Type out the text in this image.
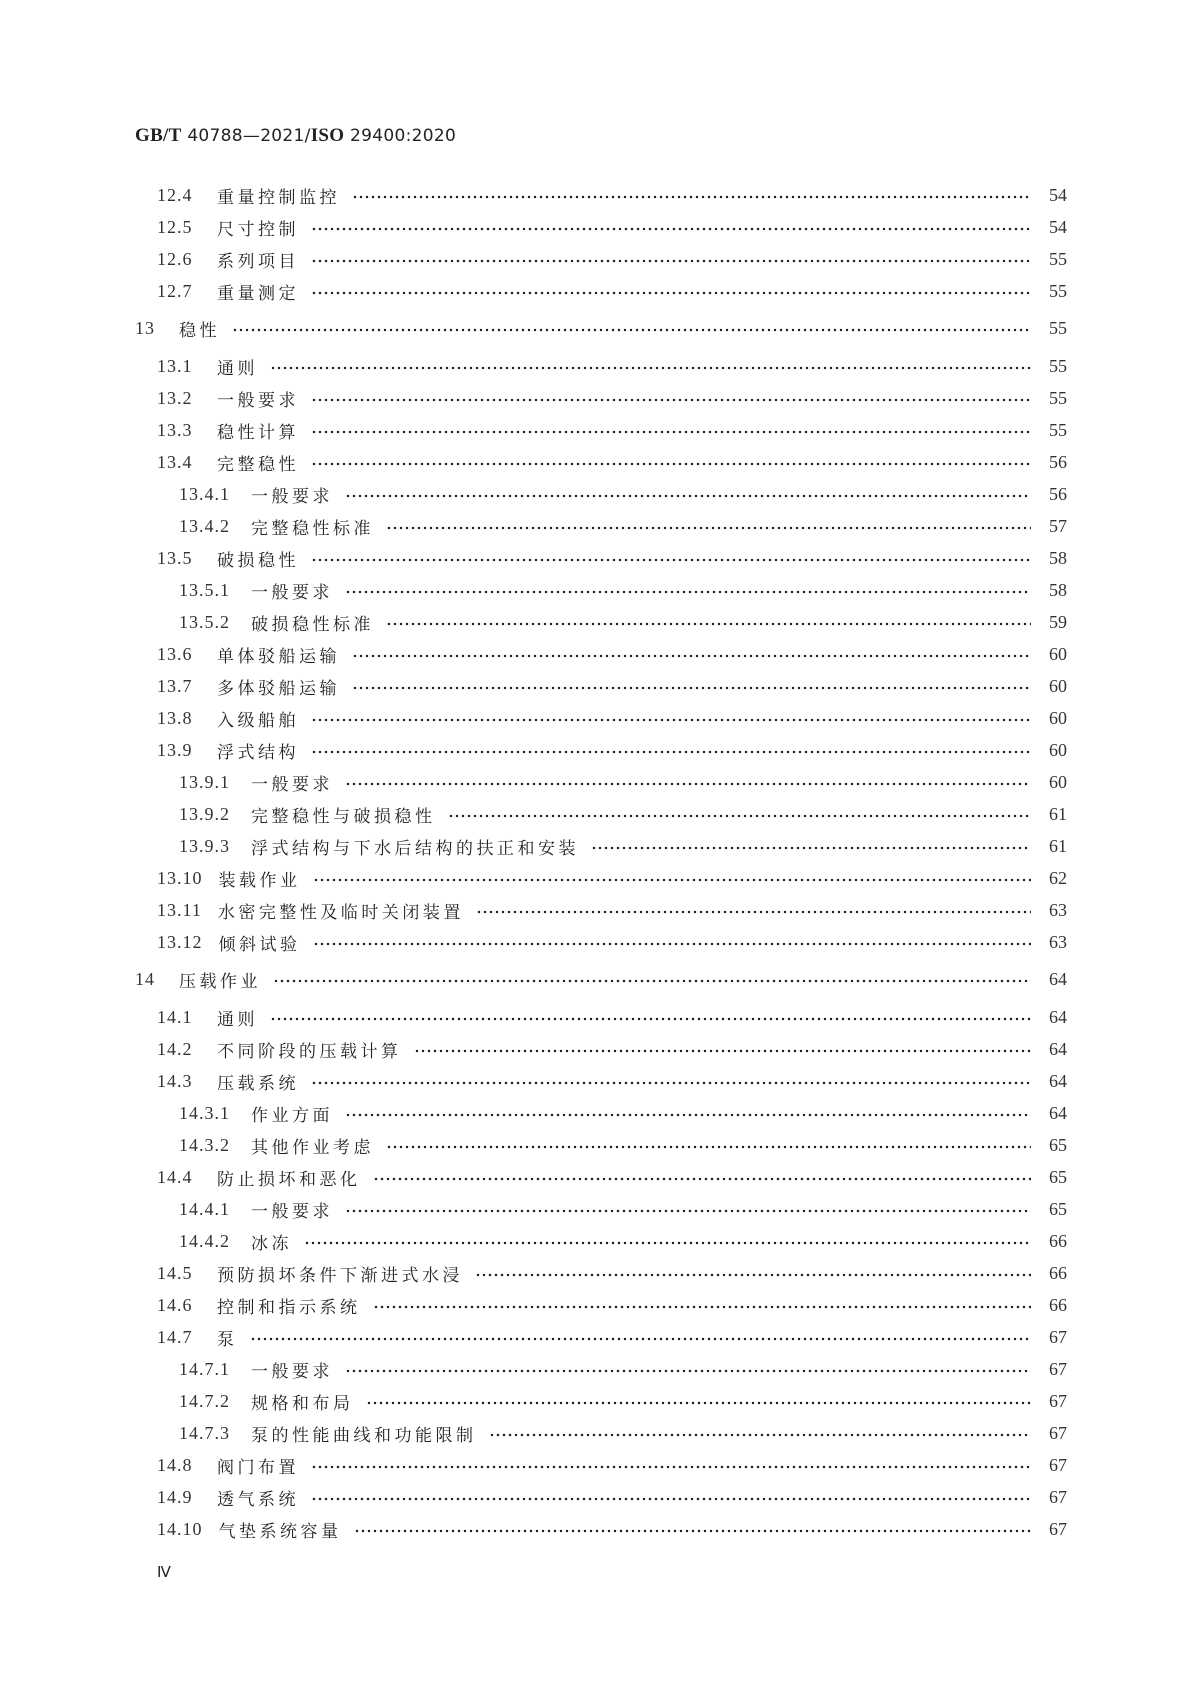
GB/T 40788—2021/ISO 29400:2020
12.4	重量控制监控	54
12.5	尺寸控制	54
12.6	系列项目	55
12.7	重量测定	55
13	稳性	55
13.1	通则	55
13.2	一般要求	55
13.3	稳性计算	55
13.4	完整稳性	56
13.4.1	一般要求	56
13.4.2	完整稳性标准	57
13.5	破损稳性	58
13.5.1	一般要求	58
13.5.2	破损稳性标准	59
13.6	单体驳船运输	60
13.7	多体驳船运输	60
13.8	入级船舶	60
13.9	浮式结构	60
13.9.1	一般要求	60
13.9.2	完整稳性与破损稳性	61
13.9.3	浮式结构与下水后结构的扶正和安装	61
13.10 装载作业	62
13.11 水密完整性及临时关闭装置	63
13.12 倾斜试验	63
14	压载作业	64
14.1	通则	64
14.2	不同阶段的压载计算	64
14.3	压载系统	64
14.3.1	作业方面	64
14.3.2	其他作业考虑	65
14.4	防止损坏和恶化	65
14.4.1	一般要求	65
14.4.2	冰冻	66
14.5	预防损坏条件下渐进式水浸	66
14.6	控制和指示系统	66
14.7	泵	67
14.7.1	一般要求	67
14.7.2	规格和布局	67
14.7.3	泵的性能曲线和功能限制	67
14.8	阀门布置	67
14.9	透气系统	67
14.10 气垫系统容量	67
Ⅳ
